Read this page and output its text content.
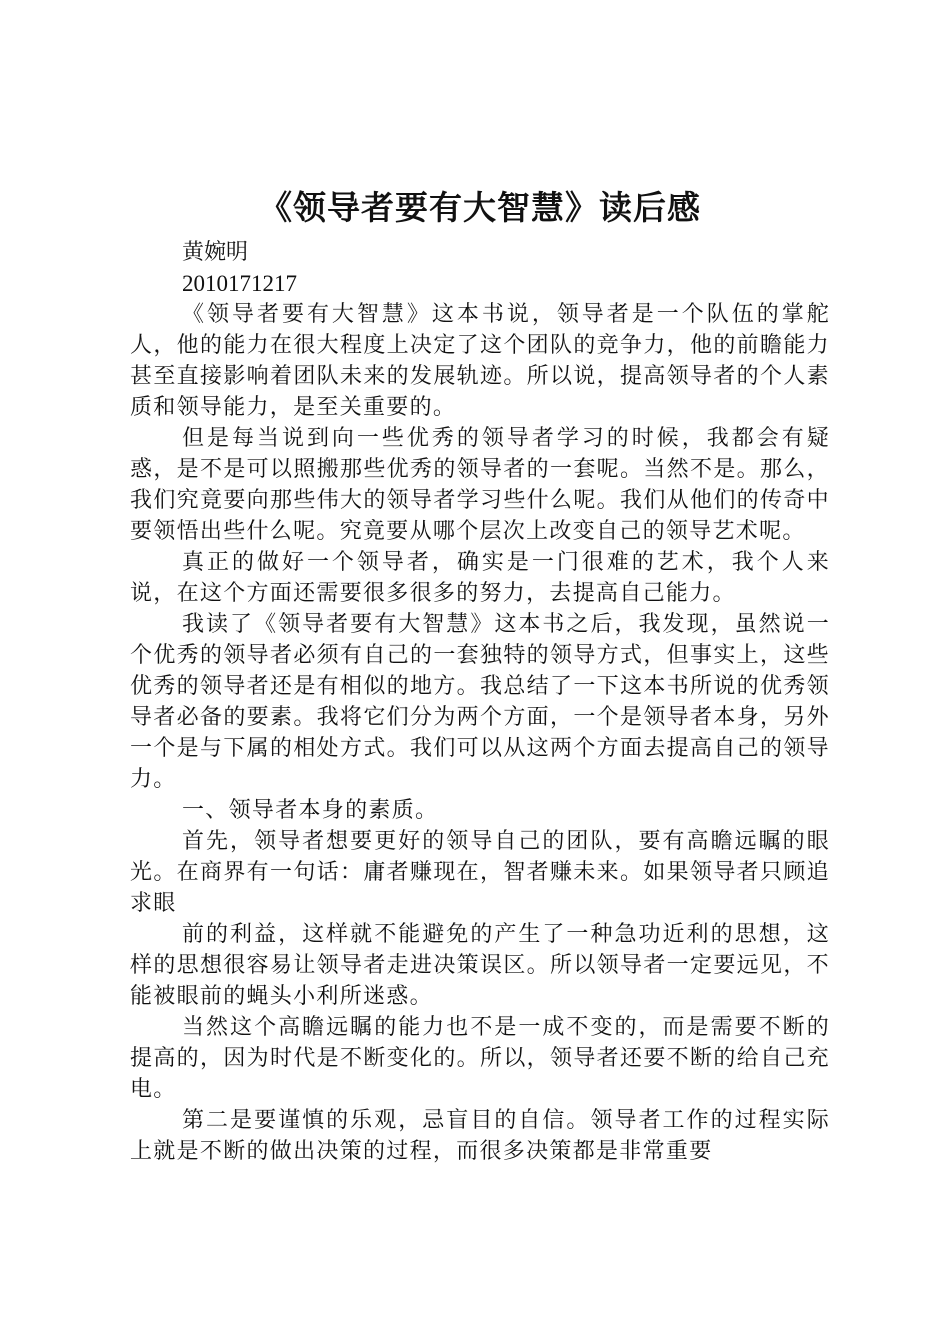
《领导者要有大智慧》读后感

黄婉明

2010171217

《领导者要有大智慧》这本书说，领导者是一个队伍的掌舵人，他的能力在很大程度上决定了这个团队的竞争力，他的前瞻能力甚至直接影响着团队未来的发展轨迹。所以说，提高领导者的个人素质和领导能力，是至关重要的。

但是每当说到向一些优秀的领导者学习的时候，我都会有疑惑，是不是可以照搬那些优秀的领导者的一套呢。当然不是。那么，我们究竟要向那些伟大的领导者学习些什么呢。我们从他们的传奇中要领悟出些什么呢。究竟要从哪个层次上改变自己的领导艺术呢。

真正的做好一个领导者，确实是一门很难的艺术，我个人来说，在这个方面还需要很多很多的努力，去提高自己能力。

我读了《领导者要有大智慧》这本书之后，我发现，虽然说一个优秀的领导者必须有自己的一套独特的领导方式，但事实上，这些优秀的领导者还是有相似的地方。我总结了一下这本书所说的优秀领导者必备的要素。我将它们分为两个方面，一个是领导者本身，另外一个是与下属的相处方式。我们可以从这两个方面去提高自己的领导力。

一、领导者本身的素质。

首先，领导者想要更好的领导自己的团队，要有高瞻远瞩的眼光。在商界有一句话：庸者赚现在，智者赚未来。如果领导者只顾追求眼

前的利益，这样就不能避免的产生了一种急功近利的思想，这样的思想很容易让领导者走进决策误区。所以领导者一定要远见，不能被眼前的蝇头小利所迷惑。

当然这个高瞻远瞩的能力也不是一成不变的，而是需要不断的提高的，因为时代是不断变化的。所以，领导者还要不断的给自己充电。

第二是要谨慎的乐观，忌盲目的自信。领导者工作的过程实际上就是不断的做出决策的过程，而很多决策都是非常重要
